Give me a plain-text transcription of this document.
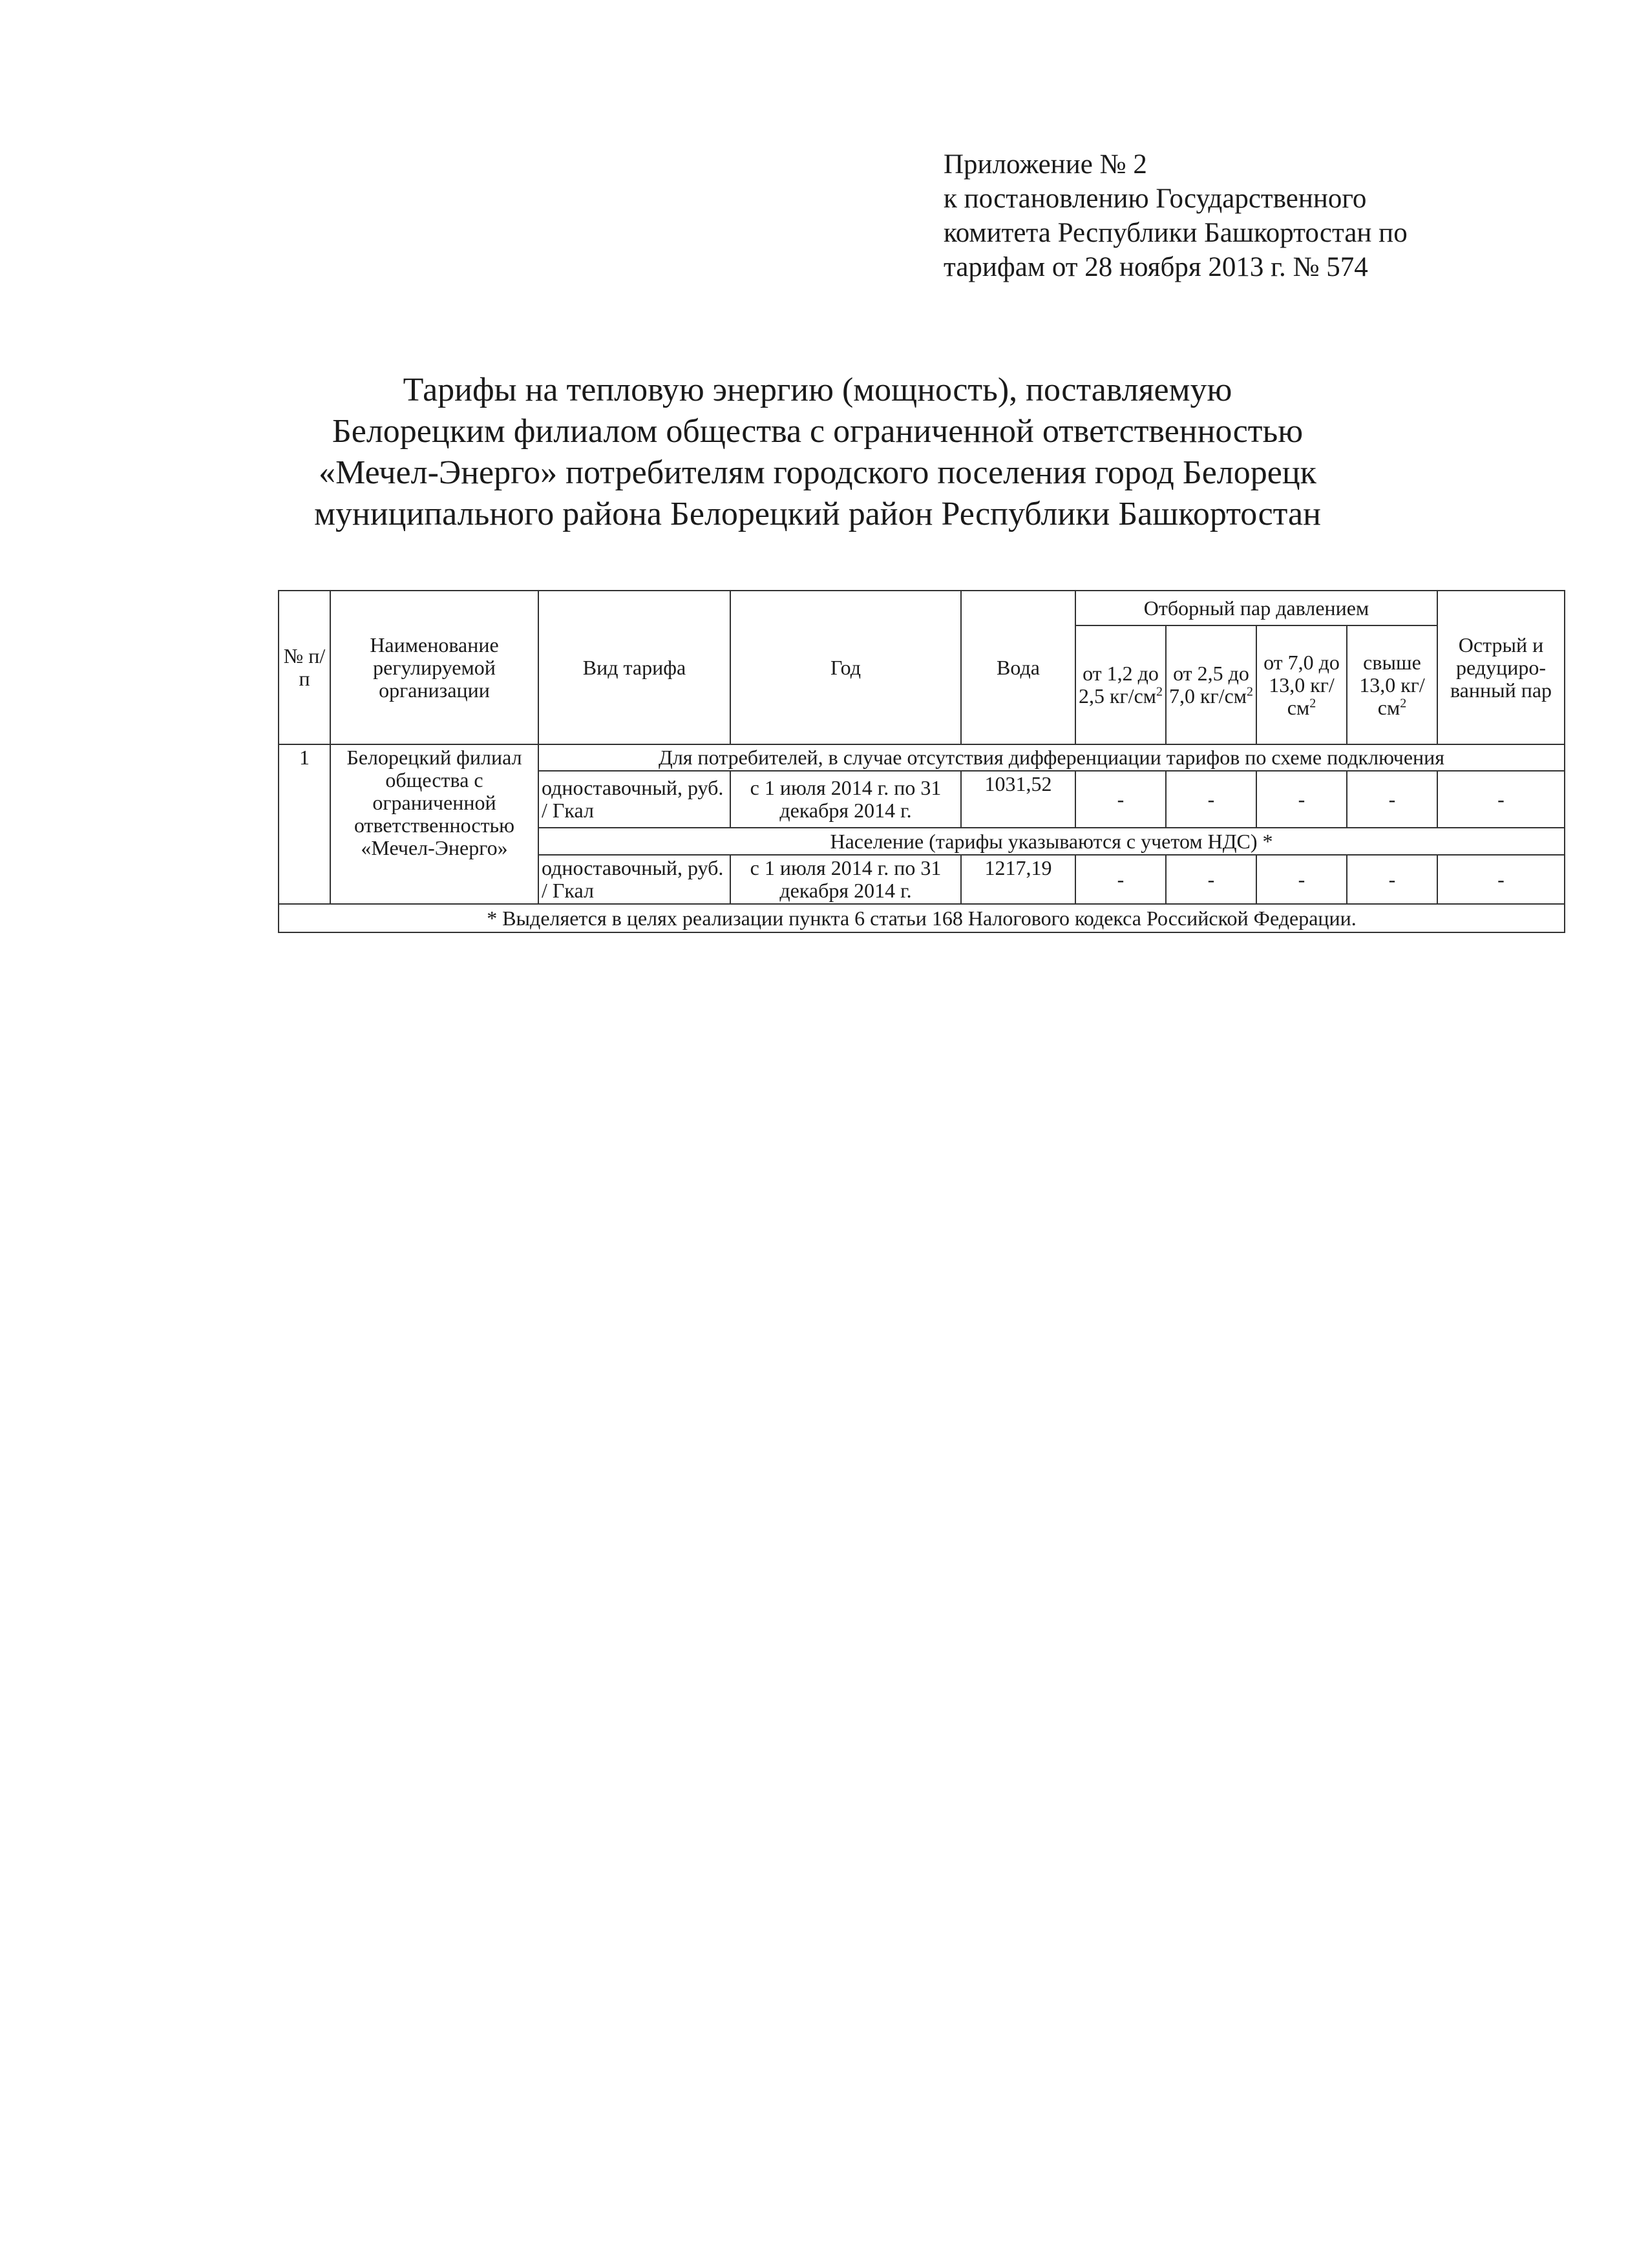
Приложение № 2
к постановлению Государственного
комитета Республики Башкортостан по
тарифам от 28 ноября 2013 г. № 574
Тарифы на тепловую энергию (мощность), поставляемую
Белорецким филиалом общества с ограниченной ответственностью
«Мечел-Энерго» потребителям городского поселения город Белорецк
муниципального района Белорецкий район Республики Башкортостан
№ п/п	Наименование регулируемой организации	Вид тарифа	Год	Вода	Отборный пар давлением				Острый и редуциро-ванный пар
					от 1,2 до 2,5 $кг/см^2$	от 2,5 до 7,0 $кг/см^2$	от 7,0 до 13,0 $кг/см^2$	свыше 13,0 $кг/см^2$
1	Белорецкий филиал общества с ограниченной ответственностью «Мечел-Энерго»	Для потребителей, в случае отсутствия дифференциации тарифов по схеме подключения							
		одноставочный, руб. / Гкал	с 1 июля 2014 г. по 31 декабря 2014 г.	1031,52	-	-	-	-	-
		Население (тарифы указываются с учетом НДС) *							
		одноставочный, руб. / Гкал	с 1 июля 2014 г. по 31 декабря 2014 г.	1217,19	-	-	-	-	-
* Выделяется в целях реализации пункта 6 статьи 168 Налогового кодекса Российской Федерации.									
